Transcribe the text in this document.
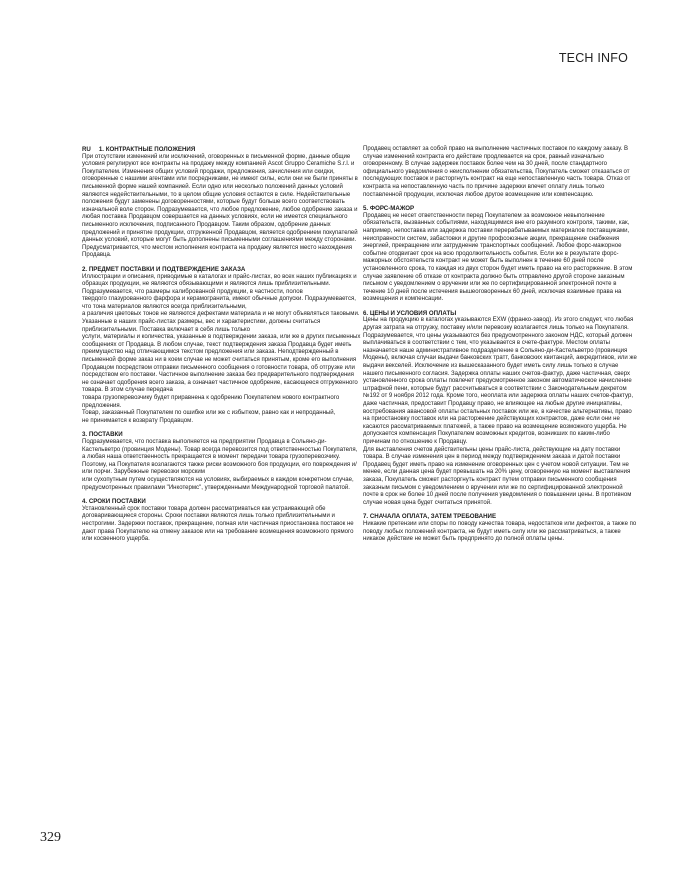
TECH INFO
RU 1. КОНТРАКТНЫЕ ПОЛОЖЕНИЯ

При отсутствии изменений или исключений, оговоренных в письменной форме, данные общие условия регулируют все контракты на продажу между компанией Ascot Gruppo Ceramiche S.r.l. и Покупателем. Изменения общих условий продажи, предложения, зачисления или скидки, оговоренные с нашими агентами или посредниками, не имеют силы, если они не были приняты в письменной форме нашей компанией. Если одно или несколько положений данных условий являются недействительными, то в целом общие условия остаются в силе. Недействительные положения будут заменены договоренностями, которые будут больше всего соответствовать изначальной воле сторон. Подразумевается, что любое предложение, любое одобрение заказа и любая поставка Продавцом совершается на данных условиях, если не имеется специального письменного исключения, подписанного Продавцом. Таким образом, одобрение данных предложений и принятие продукции, отгруженной Продавцом, является одобрением покупателей данных условий, которые могут быть дополнены письменными соглашениями между сторонами. Предусматривается, что местом исполнения контракта на продажу является место нахождения Продавца.

2. ПРЕДМЕТ ПОСТАВКИ И ПОДТВЕРЖДЕНИЕ ЗАКАЗА

Иллюстрации и описания, приводимые в каталогах и прайс-листах, во всех наших публикациях и образцах продукции, не являются обязывающими и являются лишь приблизительными.
Подразумевается, что размеры калиброванной продукции, в частности, полов
твердого глазурованного фарфора и керамогранита, имеют обычные допуски. Подразумевается, что тона материалов являются всегда приблизительными,
а различия цветовых тонов не являются дефектами материала и не могут объявляться таковыми. Указанные в наших прайс-листах размеры, вес и характеристики, должны считаться приблизительными. Поставка включает в себя лишь только
услуги, материалы и количества, указанные в подтверждении заказа, или же в других письменных сообщениях от Продавца. В любом случае, текст подтверждения заказа Продавца будет иметь преимущество над отличающимся текстом предложения или заказа. Неподтвержденный в письменной форме заказ ни в коем случае не может считаться принятым, кроме его выполнения Продавцом посредством отправки письменного сообщения о готовности товара, об отгрузке или посредством его поставки. Частичное выполнение заказа без предварительного подтверждения не означает одобрения всего заказа, а означает частичное одобрение, касающееся отгруженного товара. В этом случае передача
товара грузоперевозчику будет приравнена к одобрению Покупателем нового контрактного предложения.
Товар, заказанный Покупателем по ошибке или же с избытком, равно как и непроданный,
не принимается к возврату Продавцом.

3. ПОСТАВКИ

Подразумевается, что поставка выполняется на предприятии Продавца в Сольяно-ди-Кастельветро (провинция Модены). Товар всегда перевозится под ответственностью Покупателя, а любая наша ответственность прекращается в момент передачи товара грузоперевозчику. Поэтому, на Покупателя возлагаются также риски возможного боя продукции, его повреждения и/или порчи. Зарубежные перевозки морским
или сухопутным путем осуществляются на условиях, выбираемых в каждом конкретном случае, предусмотренных правилами "Инкотермс", утвержденными Международной торговой палатой.

4. СРОКИ ПОСТАВКИ

Установленный срок поставки товара должен рассматриваться как устраивающий обе договаривающиеся стороны. Сроки поставки являются лишь только приблизительными и нестрогими. Задержки поставок, прекращение, полная или частичная приостановка поставок не дают права Покупателю на отмену заказов или на требование возмещения возможного прямого или косвенного ущерба.

Продавец оставляет за собой право на выполнение частичных поставок по каждому заказу. В случае изменений контракта его действие продлевается на срок, равный изначально оговоренному. В случае задержек поставок более чем на 30 дней, после стандартного официального уведомления о неисполнении обязательства, Покупатель сможет отказаться от последующих поставок и расторгнуть контракт на еще непоставленную часть товара. Отказ от контракта на непоставленную часть по причине задержки влечет оплату лишь только поставленной продукции, исключая любое другое возмещение или компенсацию.

5. ФОРС-МАЖОР

Продавец не несет ответственности перед Покупателем за возможное невыполнение обязательств, вызванных событиями, находящимися вне его разумного контроля, такими, как, например, непоставка или задержка поставки перерабатываемых материалов поставщиками, неисправности систем, забастовки и другие профсоюзные акции, прекращение снабжения энергией, прекращение или затруднение транспортных сообщений. Любое форс-мажорное событие отодвигает срок на всю продолжительность события. Если же в результате форс-мажорных обстоятельств контракт не может быть выполнен в течение 60 дней после установленного срока, то каждая из двух сторон будет иметь право на его расторжение. В этом случае заявление об отказе от контракта должно быть отправлено другой стороне заказным письмом с уведомлением о вручении или же по сертифицированной электронной почте в течение 10 дней после истечения вышеоговоренных 60 дней, исключая взаимные права на возмещения и компенсации.

6. ЦЕНЫ И УСЛОВИЯ ОПЛАТЫ

Цены на продукцию в каталогах указываются EXW (франко-завод). Из этого следует, что любая другая затрата на отгрузку, поставку и/или перевозку возлагается лишь только на Покупателя. Подразумевается, что цены указываются без предусмотренного законом НДС, который должен выплачиваться в соответствии с тем, что указывается в счете-фактуре. Местом оплаты назначается наше административное подразделение в Сольяно-ди-Кастельветро (провинция Модены), включая случаи выдачи банковских тратт, банковских квитанций, аккредитивов, или же выдачи векселей. Исключение из вышесказанного будет иметь силу лишь только в случае нашего письменного согласия. Задержка оплаты наших счетов-фактур, даже частичная, сверх установленного срока оплаты повлечет предусмотренное законом автоматическое начисление штрафной пени, которые будут рассчитываться в соответствии с Законодательным декретом №192 от 9 ноября 2012 года. Кроме того, неоплата или задержка оплаты наших счетов-фактур, даже частичная, предоставит Продавцу право, не влияющее на любые другие инициативы, востребования авансовой оплаты остальных поставок или же, в качестве альтернативы, право на приостановку поставок или на расторжение действующих контрактов, даже если они не касаются рассматриваемых платежей, а также право на возмещение возможного ущерба. Не допускается компенсация Покупателем возможных кредитов, возникших по каким-либо причинам по отношению к Продавцу.
Для выставления счетов действительны цены прайс-листа, действующие на дату поставки товара. В случае изменения цен в период между подтверждением заказа и датой поставки Продавец будет иметь право на изменение оговоренных цен с учетом новой ситуации. Тем не менее, если данная цена будет превышать на 20% цену, оговоренную на момент выставления заказа, Покупатель сможет расторгнуть контракт путем отправки письменного сообщения заказным письмом с уведомлением о вручении или же по сертифицированной электронной почте в срок не более 10 дней после получения уведомления о повышении цены. В противном случае новая цена будет считаться принятой.

7. СНАЧАЛА ОПЛАТА, ЗАТЕМ ТРЕБОВАНИЕ

Никакие претензии или споры по поводу качества товара, недостатков или дефектов, а также по поводу любых положений контракта, не будут иметь силу или же рассматриваться, а также никакое действие не может быть предпринято до полной оплаты цены.

329
